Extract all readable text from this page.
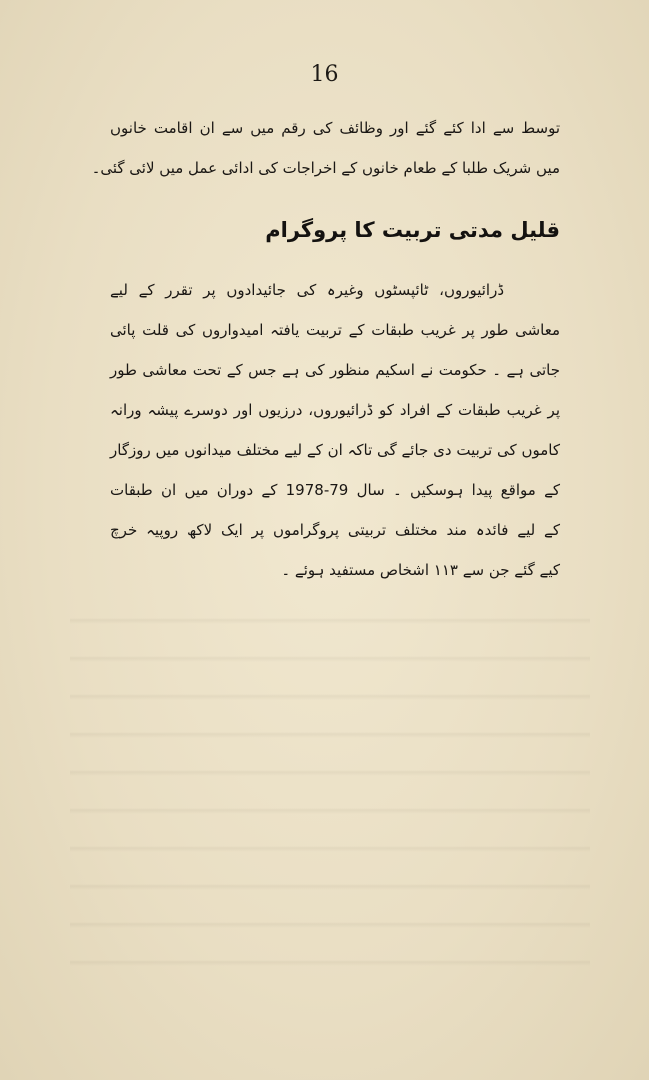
16
توسط سے ادا کئے گئے اور وظائف کی رقم میں سے ان اقامت خانوں
میں شریک طلبا کے طعام خانوں کے اخراجات کی ادائی عمل میں لائی گئی۔
قلیل مدتی تربیت کا پروگرام
ڈرائیوروں، ٹائپسٹوں وغیرہ کی جائیدادوں پر تقرر کے لیے
معاشی طور پر غریب طبقات کے تربیت یافتہ امیدواروں کی قلت پائی
جاتی ہے ۔ حکومت نے اسکیم منظور کی ہے جس کے تحت معاشی طور
پر غریب طبقات کے افراد کو ڈرائیوروں، درزیوں اور دوسرے پیشہ ورانہ
کاموں کی تربیت دی جائے گی تاکہ ان کے لیے مختلف میدانوں میں روزگار
کے مواقع پیدا ہوسکیں ۔ سال 79-1978 کے دوران میں ان طبقات
کے لیے فائدہ مند مختلف تربیتی پروگراموں پر ایک لاکھ روپیہ خرچ
کیے گئے جن سے ۱۱۳ اشخاص مستفید ہوئے ۔
